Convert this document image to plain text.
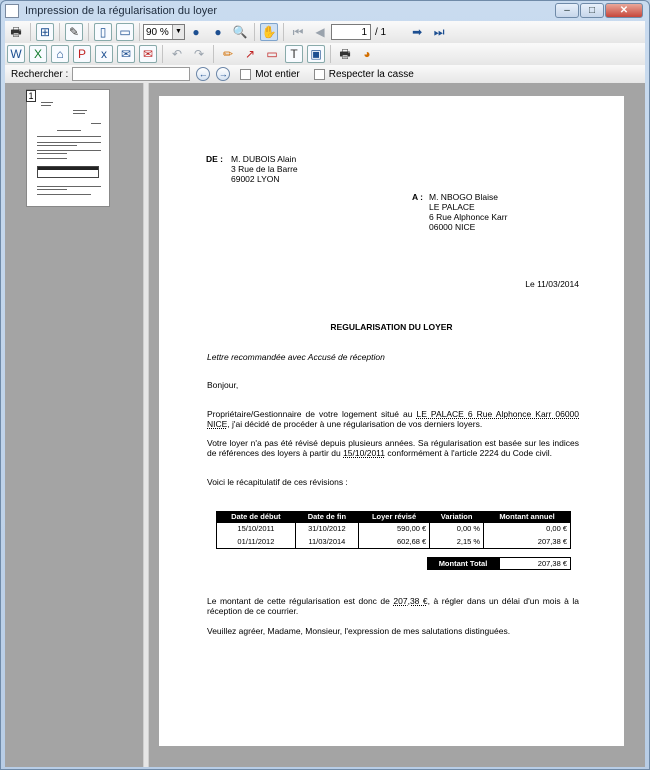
Impression de la régularisation du loyer	–	□	✕
🖶	⊞	✎	▯	▭	90 % ▼ ●	● 🔍 ✋ ⏮ ◀
1	/ 1	➡ ⏭
W	X	⌂	P	x	✉ ✉	↶ ↷	✏ ↗ ▭	T	▣ 🖶	◕
Rechercher :	← →	Mot entier	Respecter la casse
1
DE : M. DUBOIS Alain
3 Rue de la Barre
69002 LYON
A : M. NBOGO Blaise
LE PALACE
6 Rue Alphonce Karr
06000 NICE
Le 11/03/2014
REGULARISATION DU LOYER
Lettre recommandée avec Accusé de réception
Bonjour,
Propriétaire/Gestionnaire de votre logement situé au LE PALACE 6 Rue Alphonce Karr 06000 NICE, j'ai décidé de procéder à une régularisation de vos derniers loyers.
Votre loyer n'a pas été révisé depuis plusieurs années. Sa régularisation est basée sur les indices de références des loyers à partir du 15/10/2011 conformément à l'article 2224 du Code civil.
Voici le récapitulatif de ces révisions :
Date de début	Date de fin	Loyer révisé	Variation	Montant annuel
15/10/2011	31/10/2012	590,00 €	0,00 %	0,00 €
01/11/2012	11/03/2014	602,68 €	2,15 %	207,38 €
Montant Total	207,38 €
Le montant de cette régularisation est donc de 207,38 €, à régler dans un délai d'un mois à la réception de ce courrier.
Veuillez agréer, Madame, Monsieur, l'expression de mes salutations distinguées.
